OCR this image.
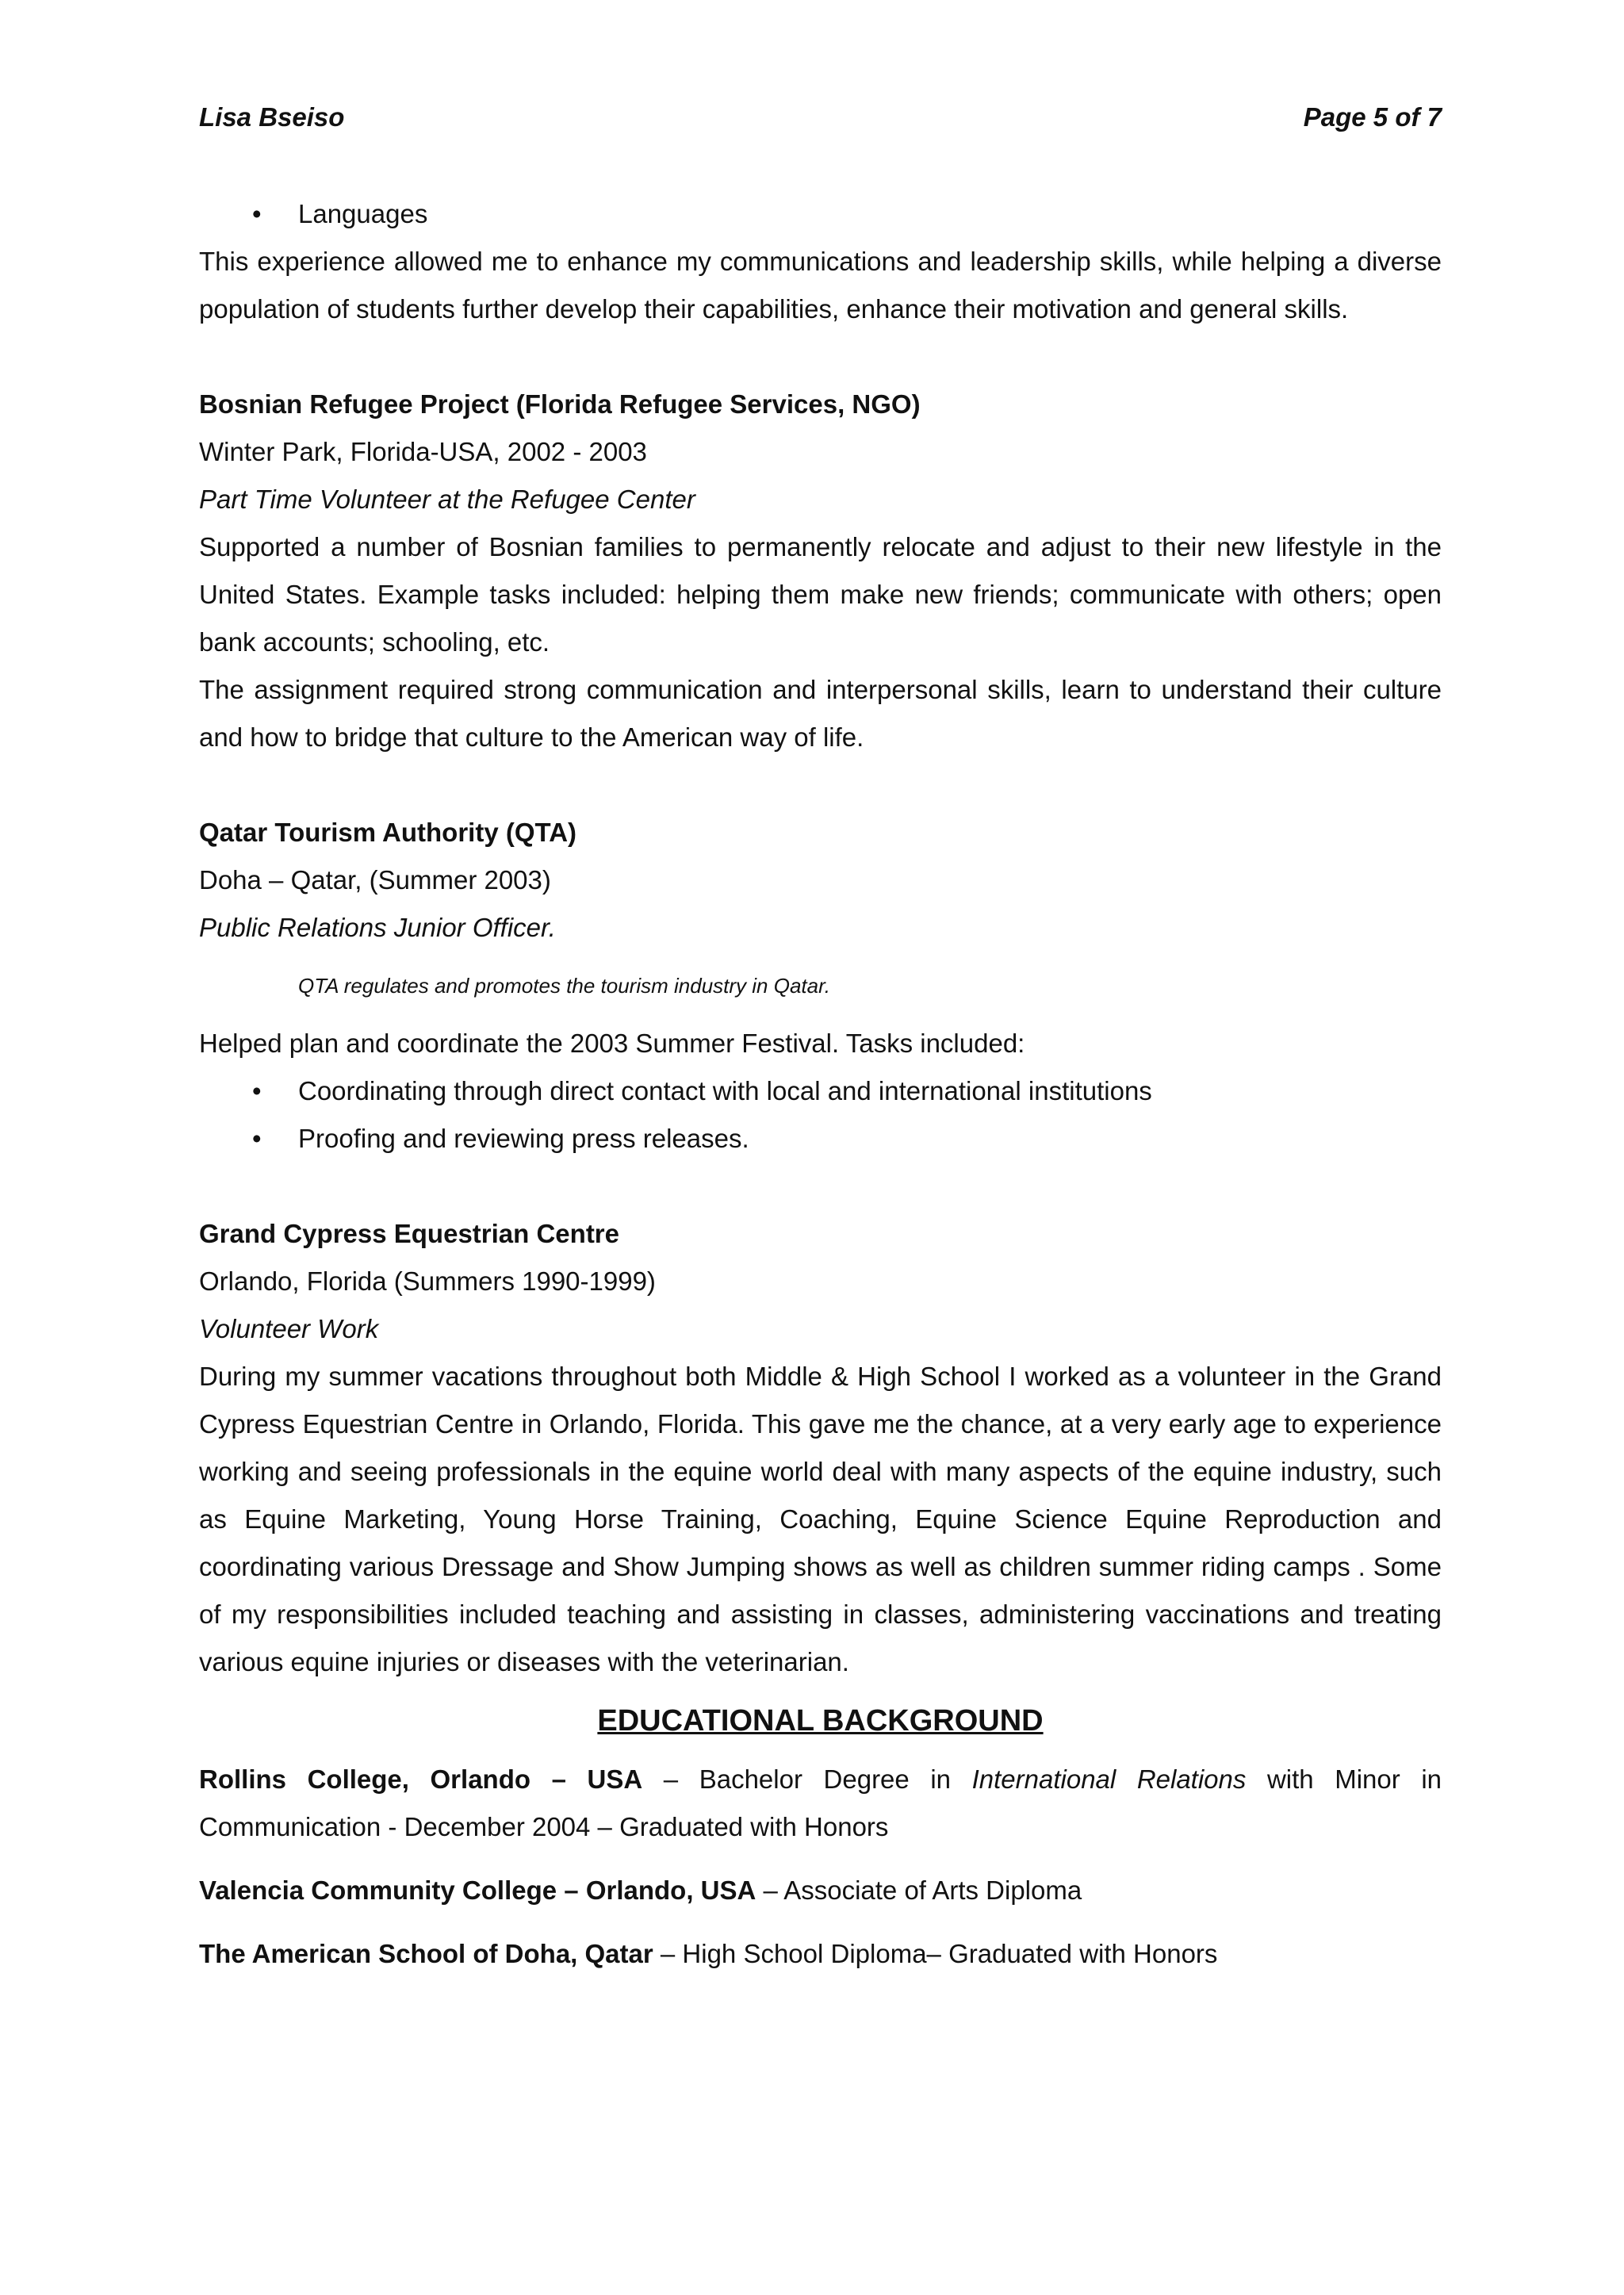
Lisa Bseiso	Page 5 of 7
• Languages

This experience allowed me to enhance my communications and leadership skills, while helping a diverse population of students further develop their capabilities, enhance their motivation and general skills.

Bosnian Refugee Project (Florida Refugee Services, NGO)

Winter Park, Florida-USA, 2002 - 2003

Part Time Volunteer at the Refugee Center

Supported a number of Bosnian families to permanently relocate and adjust to their new lifestyle in the United States. Example tasks included: helping them make new friends; communicate with others; open bank accounts; schooling, etc.

The assignment required strong communication and interpersonal skills, learn to understand their culture and how to bridge that culture to the American way of life.

Qatar Tourism Authority (QTA)

Doha – Qatar, (Summer 2003)

Public Relations Junior Officer.

QTA regulates and promotes the tourism industry in Qatar.

Helped plan and coordinate the 2003 Summer Festival. Tasks included:

• Coordinating through direct contact with local and international institutions
• Proofing and reviewing press releases.

Grand Cypress Equestrian Centre

Orlando, Florida (Summers 1990-1999)

Volunteer Work

During my summer vacations throughout both Middle & High School I worked as a volunteer in the Grand Cypress Equestrian Centre in Orlando, Florida. This gave me the chance, at a very early age to experience working and seeing professionals in the equine world deal with many aspects of the equine industry, such as Equine Marketing, Young Horse Training, Coaching, Equine Science Equine Reproduction and coordinating various Dressage and Show Jumping shows as well as children summer riding camps . Some of my responsibilities included teaching and assisting in classes, administering vaccinations and treating various equine injuries or diseases with the veterinarian.

EDUCATIONAL BACKGROUND

Rollins College, Orlando – USA – Bachelor Degree in International Relations with Minor in Communication - December 2004 – Graduated with Honors

Valencia Community College – Orlando, USA – Associate of Arts Diploma

The American School of Doha, Qatar – High School Diploma– Graduated with Honors
